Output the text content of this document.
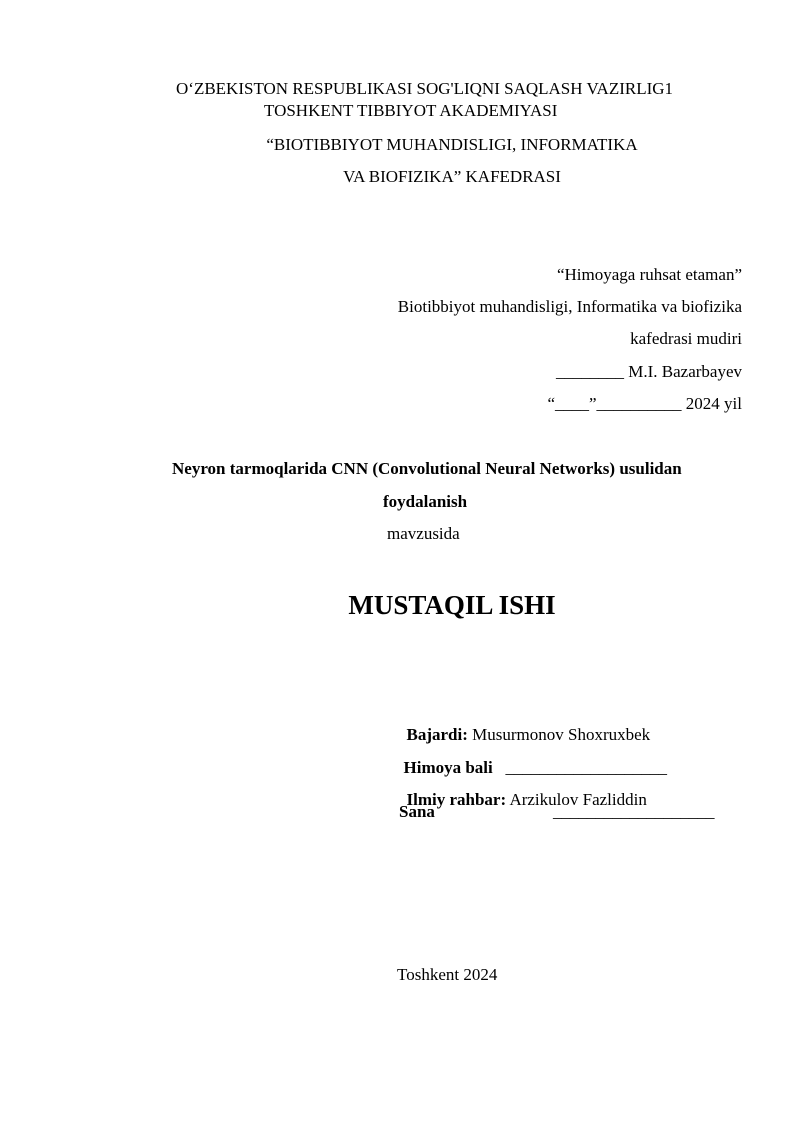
O‘ZBEKISTON RESPUBLIKASI SOG'LIQNI SAQLASH VAZIRLIG1
TOSHKENT TIBBIYOT AKADEMIYASI
“BIOTIBBIYOT MUHANDISLIGI, INFORMATIKA
VA BIOFIZIKA” KAFEDRASI
“Himoyaga ruhsat etaman”
Biotibbiyot muhandisligi, Informatika va biofizika
kafedrasi mudiri
________ M.I. Bazarbayev
“____”__________ 2024 yil
Neyron tarmoqlarida CNN (Convolutional Neural Networks) usulidan
foydalanish
mavzusida
MUSTAQIL ISHI

Bajardi: Musurmonov Shoxruxbek

Himoya bali   ___________________

Ilmiy rahbar: Arzikulov Fazliddin

Sana	___________________
Toshkent 2024
